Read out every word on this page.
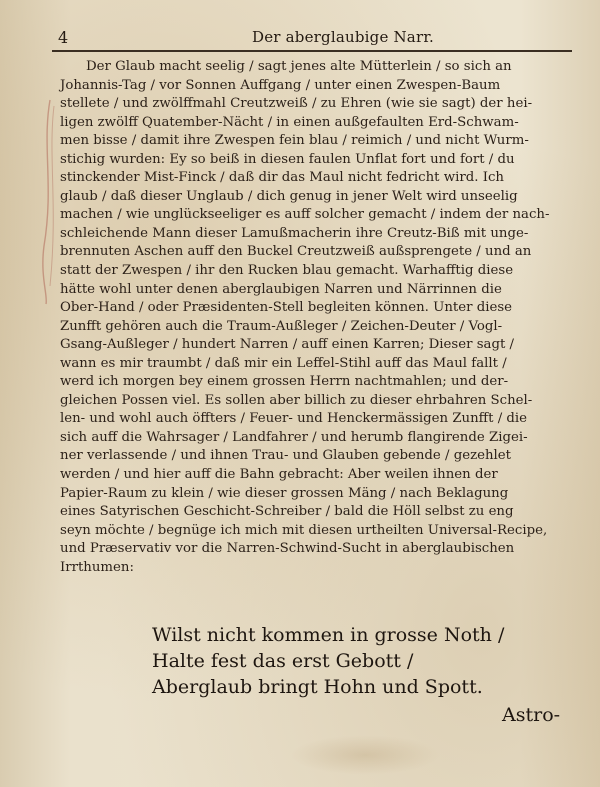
4	Der aberglaubige Narr.
Der Glaub macht seelig / sagt jenes alte Mütterlein / so sich an
Johannis-Tag / vor Sonnen Auffgang / unter einen Zwespen-Baum
stellete / und zwölffmahl Creutzweiß / zu Ehren (wie sie sagt) der hei-
ligen zwölff Quatember-Nächt / in einen außgefaulten Erd-Schwam-
men bisse / damit ihre Zwespen fein blau / reimich / und nicht Wurm-
stichig wurden: Ey so beiß in diesen faulen Unflat fort und fort / du
stinckender Mist-Finck / daß dir das Maul nicht fedricht wird. Ich
glaub / daß dieser Unglaub / dich genug in jener Welt wird unseelig
machen / wie unglückseeliger es auff solcher gemacht / indem der nach-
schleichende Mann dieser Lamußmacherin ihre Creutz-Biß mit unge-
brennuten Aschen auff den Buckel Creutzweiß außsprengete / und an
statt der Zwespen / ihr den Rucken blau gemacht. Warhafftig diese
hätte wohl unter denen aberglaubigen Narren und Närrinnen die
Ober-Hand / oder Præsidenten-Stell begleiten können. Unter diese
Zunfft gehören auch die Traum-Außleger / Zeichen-Deuter / Vogl-
Gsang-Außleger / hundert Narren / auff einen Karren; Dieser sagt /
wann es mir traumbt / daß mir ein Leffel-Stihl auff das Maul fallt /
werd ich morgen bey einem grossen Herrn nachtmahlen; und der-
gleichen Possen viel. Es sollen aber billich zu dieser ehrbahren Schel-
len- und wohl auch öffters / Feuer- und Henckermässigen Zunfft / die
sich auff die Wahrsager / Landfahrer / und herumb flangirende Zigei-
ner verlassende / und ihnen Trau- und Glauben gebende / gezehlet
werden / und hier auff die Bahn gebracht: Aber weilen ihnen der
Papier-Raum zu klein / wie dieser grossen Mäng / nach Beklagung
eines Satyrischen Geschicht-Schreiber / bald die Höll selbst zu eng
seyn möchte / begnüge ich mich mit diesen urtheilten Universal-Recipe,
und Præservativ vor die Narren-Schwind-Sucht in aberglaubischen
Irrthumen:
Wilst nicht kommen in grosse Noth /
Halte fest das erst Gebott /
Aberglaub bringt Hohn und Spott.
Astro-
